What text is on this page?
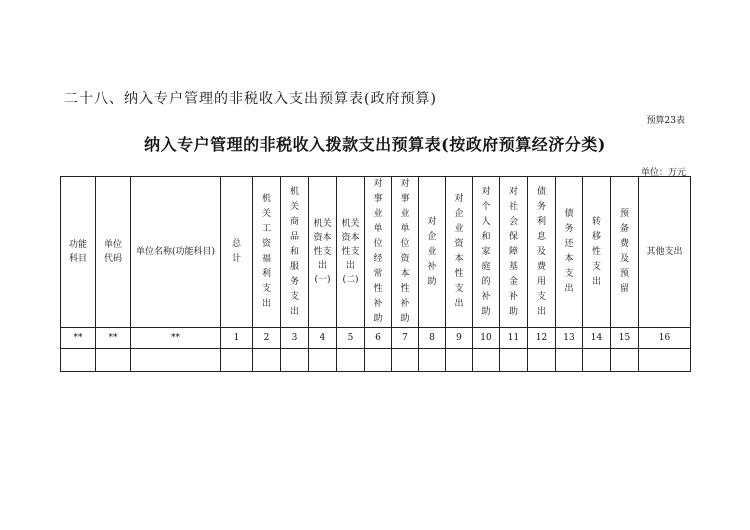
二十八、纳入专户管理的非税收入支出预算表(政府预算)
预算23表
纳入专户管理的非税收入拨款支出预算表(按政府预算经济分类)
单位：万元
功能科目	单位代码	单位名称(功能科目)	总计	机关工资福利支出	机关商品和服务支出	机关资本性支出(一)	机关资本性支出(二)	对事业单位经常性补助	对事业单位资本性补助	对企业补助	对企业资本性支出	对个人和家庭的补助	对社会保障基金补助	债务利息及费用支出	债务还本支出	转移性支出	预备费及预留	其他支出
**	**	**	1	2	3	4	5	6	7	8	9	10	11	12	13	14	15	16
